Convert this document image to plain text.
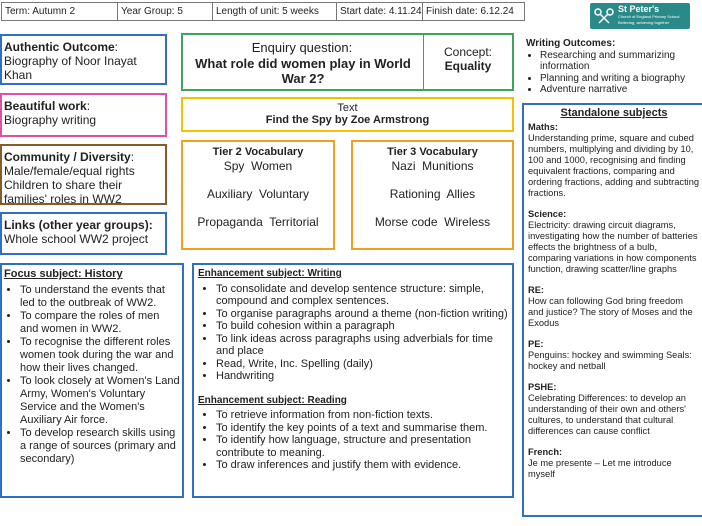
Term: Autumn 2	Year Group: 5	Length of unit: 5 weeks	Start date: 4.11.24 Finish date: 6.12.24	St Peter's
Church of England Primary School
Believing, achieving together
Authentic Outcome:
Biography of Noor Inayat Khan
Beautiful work:
Biography writing
Community / Diversity:
Male/female/equal rights Children to share their families' roles in WW2
Links (other year groups):
Whole school WW2 project
Enquiry question:
What role did women play in World War 2?
Concept:
Equality
Text
Find the Spy by Zoe Armstrong
Tier 2 Vocabulary
Spy  Women
Auxiliary  Voluntary
Propaganda  Territorial
Tier 3 Vocabulary
Nazi  Munitions
Rationing  Allies
Morse code  Wireless
Focus subject: History
• To understand the events that led to the outbreak of WW2.
• To compare the roles of men and women in WW2.
• To recognise the different roles women took during the war and how their lives changed.
• To look closely at Women's Land Army, Women's Voluntary Service and the Women's Auxiliary Air force.
• To develop research skills using a range of sources (primary and secondary)
Enhancement subject: Writing
• To consolidate and develop sentence structure: simple, compound and complex sentences.
• To organise paragraphs around a theme (non-fiction writing)
• To build cohesion within a paragraph
• To link ideas across paragraphs using adverbials for time and place
• Read, Write, Inc. Spelling (daily)
• Handwriting
Enhancement subject: Reading
• To retrieve information from non-fiction texts.
• To identify the key points of a text and summarise them.
• To identify how language, structure and presentation contribute to meaning.
• To draw inferences and justify them with evidence.
Writing Outcomes:
• Researching and summarizing information
• Planning and writing a biography
• Adventure narrative
Standalone subjects
Maths:
Understanding prime, square and cubed numbers, multiplying and dividing by 10, 100 and 1000, recognising and finding equivalent fractions, comparing and ordering fractions, adding and subtracting fractions.
Science:
Electricity: drawing circuit diagrams, investigating how the number of batteries effects the brightness of a bulb, comparing variations in how components function, drawing scatter/line graphs
RE:
How can following God bring freedom and justice? The story of Moses and the Exodus
PE:
Penguins: hockey and swimming Seals: hockey and netball
PSHE:
Celebrating Differences: to develop an understanding of their own and others' cultures, to understand that cultural differences can cause conflict
French:
Je me presente – Let me introduce myself
